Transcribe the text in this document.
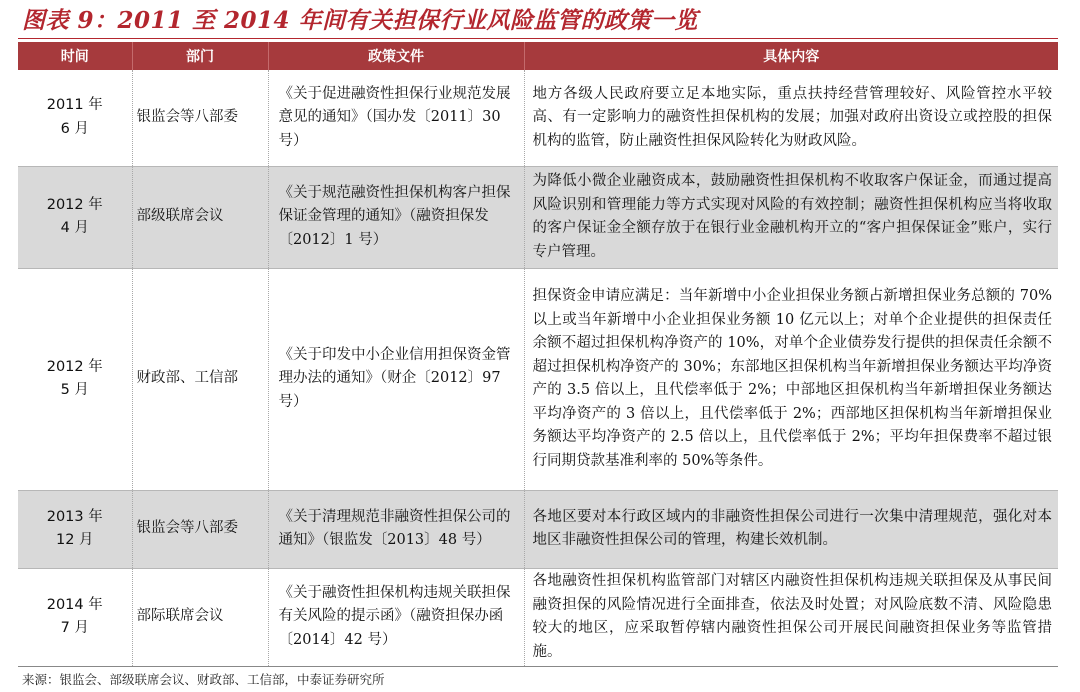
图表 9：2011 至 2014 年间有关担保行业风险监管的政策一览
时间	部门	政策文件	具体内容

2011 年
6 月	银监会等八部委	《关于促进融资性担保行业规范发展意见的通知》（国办发〔2011〕30 号）	地方各级人民政府要立足本地实际，重点扶持经营管理较好、风险管控水平较高、有一定影响力的融资性担保机构的发展；加强对政府出资设立或控股的担保机构的监管，防止融资性担保风险转化为财政风险。

2012 年
4 月	部级联席会议	《关于规范融资性担保机构客户担保保证金管理的通知》（融资担保发〔2012〕1 号）	为降低小微企业融资成本，鼓励融资性担保机构不收取客户保证金，而通过提高风险识别和管理能力等方式实现对风险的有效控制；融资性担保机构应当将收取的客户保证金全额存放于在银行业金融机构开立的“客户担保保证金”账户，实行专户管理。

2012 年
5 月	财政部、工信部	《关于印发中小企业信用担保资金管理办法的通知》（财企〔2012〕97 号）	担保资金申请应满足：当年新增中小企业担保业务额占新增担保业务总额的 70%以上或当年新增中小企业担保业务额 10 亿元以上；对单个企业提供的担保责任余额不超过担保机构净资产的 10%，对单个企业债券发行提供的担保责任余额不超过担保机构净资产的 30%；东部地区担保机构当年新增担保业务额达平均净资产的 3.5 倍以上，且代偿率低于 2%；中部地区担保机构当年新增担保业务额达平均净资产的 3 倍以上，且代偿率低于 2%；西部地区担保机构当年新增担保业务额达平均净资产的 2.5 倍以上，且代偿率低于 2%；平均年担保费率不超过银行同期贷款基准利率的 50%等条件。

2013 年
12 月	银监会等八部委	《关于清理规范非融资性担保公司的通知》（银监发〔2013〕48 号）	各地区要对本行政区域内的非融资性担保公司进行一次集中清理规范，强化对本地区非融资性担保公司的管理，构建长效机制。

2014 年
7 月	部际联席会议	《关于融资性担保机构违规关联担保有关风险的提示函》（融资担保办函〔2014〕42 号）	各地融资性担保机构监管部门对辖区内融资性担保机构违规关联担保及从事民间融资担保的风险情况进行全面排查，依法及时处置；对风险底数不清、风险隐患较大的地区，应采取暂停辖内融资性担保公司开展民间融资担保业务等监管措施。
来源：银监会、部级联席会议、财政部、工信部，中泰证券研究所
